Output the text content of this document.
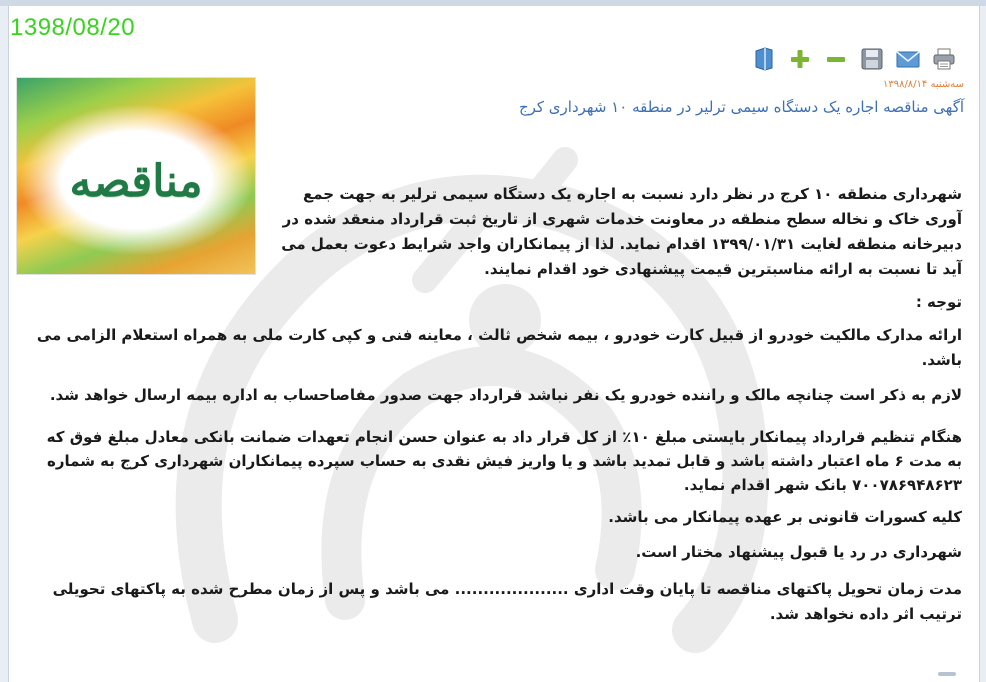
1398/08/20
سه‌شنبه ۱۳۹۸/۸/۱۴
آگهی مناقصه اجاره یک دستگاه سیمی ترلیر در منطقه ۱۰ شهرداری کرج
مناقصه	شهرداری منطقه ۱۰ کرج در نظر دارد نسبت به اجاره یک دستگاه سیمی ترلیر به جهت جمع آوری خاک و نخاله سطح منطقه در معاونت خدمات شهری از تاریخ ثبت قرارداد منعقد شده در دبیرخانه منطقه لغایت ۱۳۹۹/۰۱/۳۱ اقدام نماید. لذا از پیمانکاران واجد شرایط دعوت بعمل می آید تا نسبت به ارائه مناسبترین قیمت پیشنهادی خود اقدام نمایند.
توجه :
ارائه مدارک مالکیت خودرو از قبیل کارت خودرو ، بیمه شخص ثالث ، معاینه فنی و کپی کارت ملی به همراه استعلام الزامی می باشد.
لازم به ذکر است چنانچه مالک و راننده خودرو یک نفر نباشد قرارداد جهت صدور مفاصاحساب به اداره بیمه ارسال خواهد شد.
هنگام تنظیم قرارداد پیمانکار بایستی مبلغ ۱۰٪ از کل قرار داد به عنوان حسن انجام تعهدات ضمانت بانکی معادل مبلغ فوق که به مدت ۶ ماه اعتبار داشته باشد و قابل تمدید باشد و یا واریز فیش نقدی به حساب سپرده پیمانکاران شهرداری کرج به شماره ۷۰۰۷۸۶۹۴۸۶۲۳ بانک شهر اقدام نماید.
کلیه کسورات قانونی بر عهده پیمانکار می باشد.
شهرداری در رد یا قبول پیشنهاد مختار است.
مدت زمان تحویل پاکتهای مناقصه تا پایان وقت اداری .................... می باشد و پس از زمان مطرح شده به پاکتهای تحویلی ترتیب اثر داده نخواهد شد.
